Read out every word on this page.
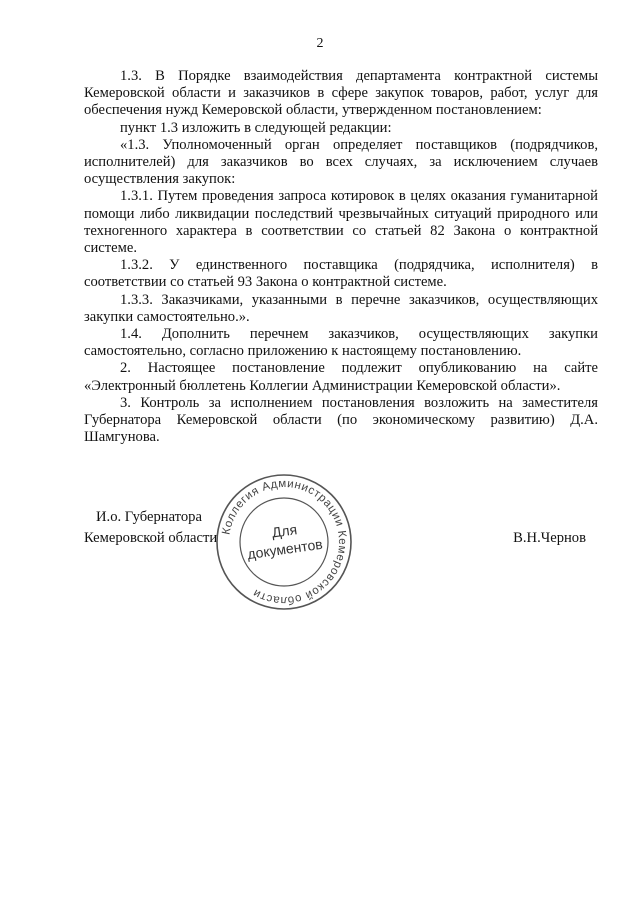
2

1.3. В Порядке взаимодействия департамента контрактной системы Кемеровской области и заказчиков в сфере закупок товаров, работ, услуг для обеспечения нужд Кемеровской области, утвержденном постановлением:

пункт 1.3 изложить в следующей редакции:

«1.3. Уполномоченный орган определяет поставщиков (подрядчиков, исполнителей) для заказчиков во всех случаях, за исключением случаев осуществления закупок:

1.3.1. Путем проведения запроса котировок в целях оказания гуманитарной помощи либо ликвидации последствий чрезвычайных ситуаций природного или техногенного характера в соответствии со статьей 82 Закона о контрактной системе.

1.3.2. У единственного поставщика (подрядчика, исполнителя) в соответствии со статьей 93 Закона о контрактной системе.

1.3.3. Заказчиками, указанными в перечне заказчиков, осуществляющих закупки самостоятельно.».

1.4. Дополнить перечнем заказчиков, осуществляющих закупки самостоятельно, согласно приложению к настоящему постановлению.

2. Настоящее постановление подлежит опубликованию на сайте «Электронный бюллетень Коллегии Администрации Кемеровской области».

3. Контроль за исполнением постановления возложить на заместителя Губернатора Кемеровской области (по экономическому развитию) Д.А. Шамгунова.

И.о. Губернатора
Кемеровской области	В.Н.Чернов
Коллегия Администрации Кемеровской области
Для
документов
